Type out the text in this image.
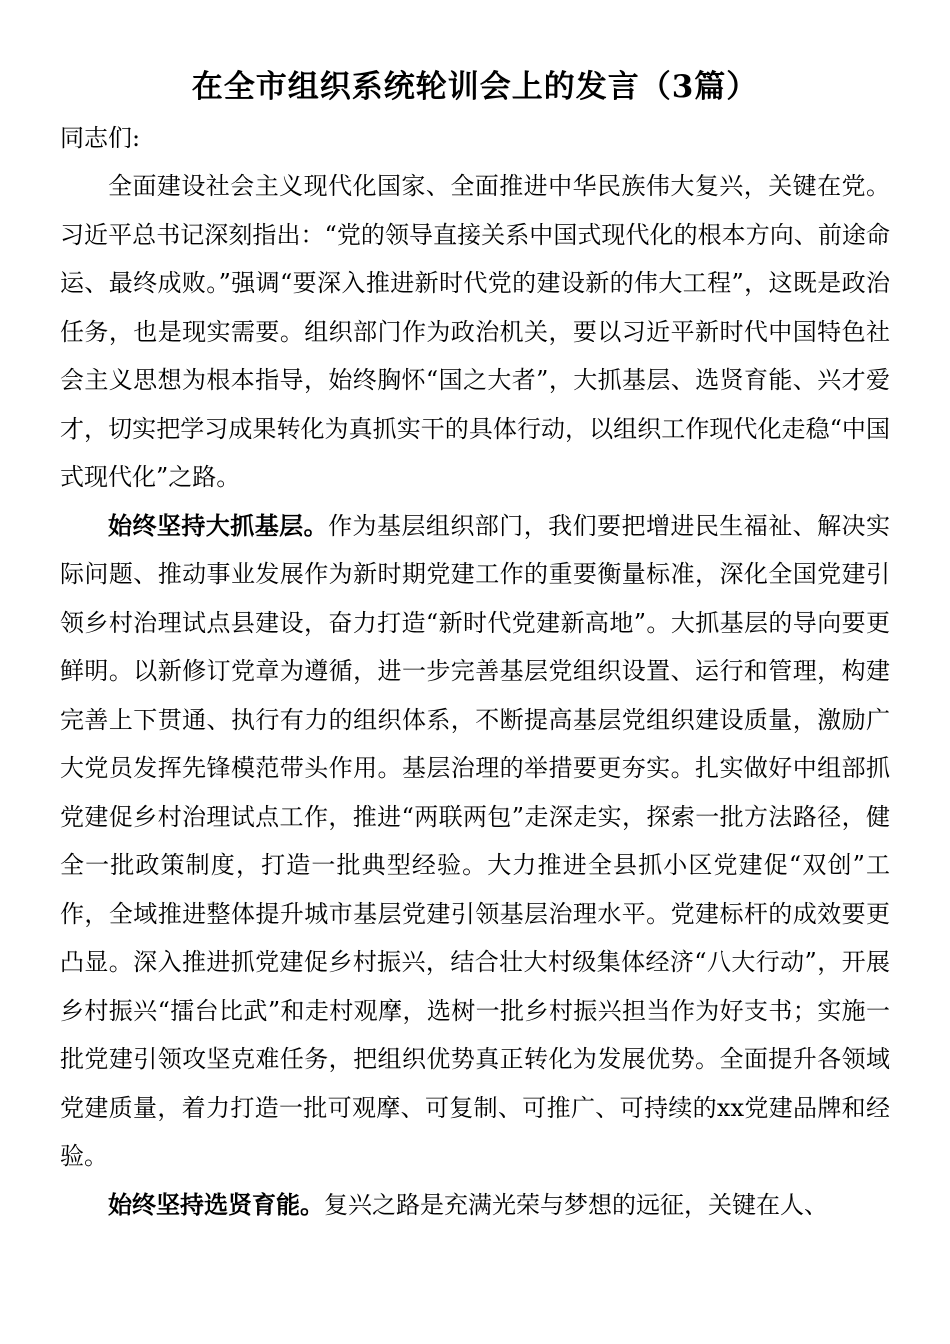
在全市组织系统轮训会上的发言（3篇）

同志们:

全面建设社会主义现代化国家、全面推进中华民族伟大复兴，关键在党。习近平总书记深刻指出：“党的领导直接关系中国式现代化的根本方向、前途命运、最终成败。”强调“要深入推进新时代党的建设新的伟大工程”，这既是政治任务，也是现实需要。组织部门作为政治机关，要以习近平新时代中国特色社会主义思想为根本指导，始终胸怀“国之大者”，大抓基层、选贤育能、兴才爱才，切实把学习成果转化为真抓实干的具体行动，以组织工作现代化走稳“中国式现代化”之路。

始终坚持大抓基层。作为基层组织部门，我们要把增进民生福祉、解决实际问题、推动事业发展作为新时期党建工作的重要衡量标准，深化全国党建引领乡村治理试点县建设，奋力打造“新时代党建新高地”。大抓基层的导向要更鲜明。以新修订党章为遵循，进一步完善基层党组织设置、运行和管理，构建完善上下贯通、执行有力的组织体系，不断提高基层党组织建设质量，激励广大党员发挥先锋模范带头作用。基层治理的举措要更夯实。扎实做好中组部抓党建促乡村治理试点工作，推进“两联两包”走深走实，探索一批方法路径，健全一批政策制度，打造一批典型经验。大力推进全县抓小区党建促“双创”工作，全域推进整体提升城市基层党建引领基层治理水平。党建标杆的成效要更凸显。深入推进抓党建促乡村振兴，结合壮大村级集体经济“八大行动”，开展乡村振兴“擂台比武”和走村观摩，选树一批乡村振兴担当作为好支书；实施一批党建引领攻坚克难任务，把组织优势真正转化为发展优势。全面提升各领域党建质量，着力打造一批可观摩、可复制、可推广、可持续的xx党建品牌和经验。

始终坚持选贤育能。复兴之路是充满光荣与梦想的远征，关键在人、
